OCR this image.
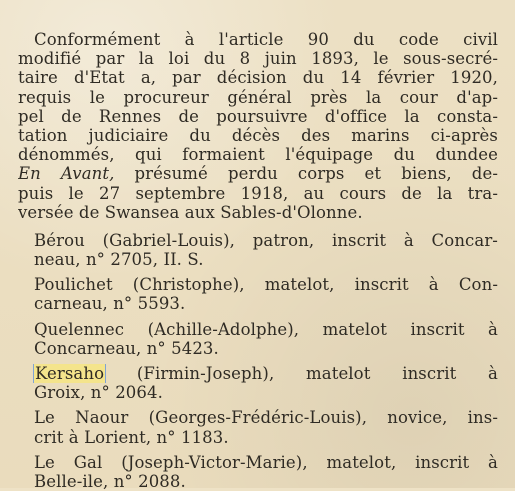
Conformément à l'article 90 du code civil
modifié par la loi du 8 juin 1893, le sous-secré-
taire d'Etat a, par décision du 14 février 1920,
requis le procureur général près la cour d'ap-
pel de Rennes de poursuivre d'office la consta-
tation judiciaire du décès des marins ci-après
dénommés, qui formaient l'équipage du dundee
En Avant, présumé perdu corps et biens, de-
puis le 27 septembre 1918, au cours de la tra-
versée de Swansea aux Sables-d'Olonne.
Bérou (Gabriel-Louis), patron, inscrit à Concar-
neau, n° 2705, II. S.
Poulichet (Christophe), matelot, inscrit à Con-
carneau, n° 5593.
Quelennec (Achille-Adolphe), matelot inscrit à
Concarneau, n° 5423.
Kersaho (Firmin-Joseph), matelot inscrit à
Groix, n° 2064.
Le Naour (Georges-Frédéric-Louis), novice, ins-
crit à Lorient, n° 1183.
Le Gal (Joseph-Victor-Marie), matelot, inscrit à
Belle-ile, n° 2088.
